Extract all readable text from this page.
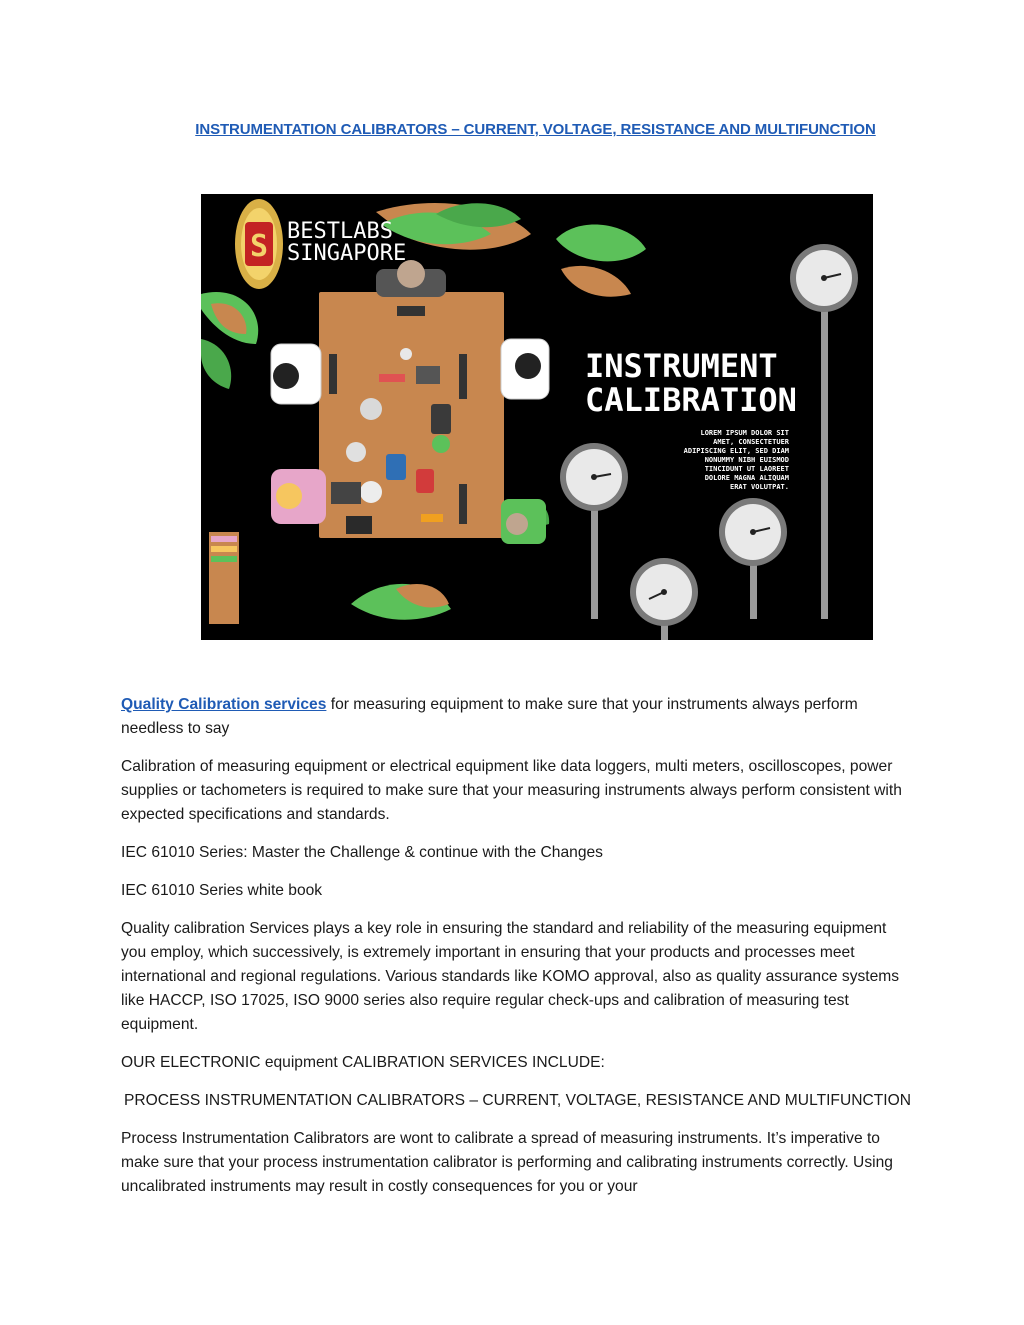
INSTRUMENTATION CALIBRATORS – CURRENT, VOLTAGE, RESISTANCE AND MULTIFUNCTION
S BESTLABS
SINGAPORE
INSTRUMENT
CALIBRATION
LOREM IPSUM DOLOR SIT
AMET, CONSECTETUER
ADIPISCING ELIT, SED DIAM
NONUMMY NIBH EUISMOD
TINCIDUNT UT LAOREET
DOLORE MAGNA ALIQUAM
ERAT VOLUTPAT.

Quality Calibration services for measuring equipment to make sure that your instruments always perform needless to say

Calibration of measuring equipment or electrical equipment like data loggers, multi meters, oscilloscopes, power supplies or tachometers is required to make sure that your measuring instruments always perform consistent with expected specifications and standards.

IEC 61010 Series: Master the Challenge & continue with the Changes

IEC 61010 Series white book

Quality calibration Services plays a key role in ensuring the standard and reliability of the measuring equipment you employ, which successively, is extremely important in ensuring that your products and processes meet international and regional regulations. Various standards like KOMO approval, also as quality assurance systems like HACCP, ISO 17025, ISO 9000 series also require regular check-ups and calibration of measuring test equipment.

OUR ELECTRONIC equipment CALIBRATION SERVICES INCLUDE:

PROCESS INSTRUMENTATION CALIBRATORS – CURRENT, VOLTAGE, RESISTANCE AND MULTIFUNCTION

Process Instrumentation Calibrators are wont to calibrate a spread of measuring instruments. It’s imperative to make sure that your process instrumentation calibrator is performing and calibrating instruments correctly. Using uncalibrated instruments may result in costly consequences for you or your
